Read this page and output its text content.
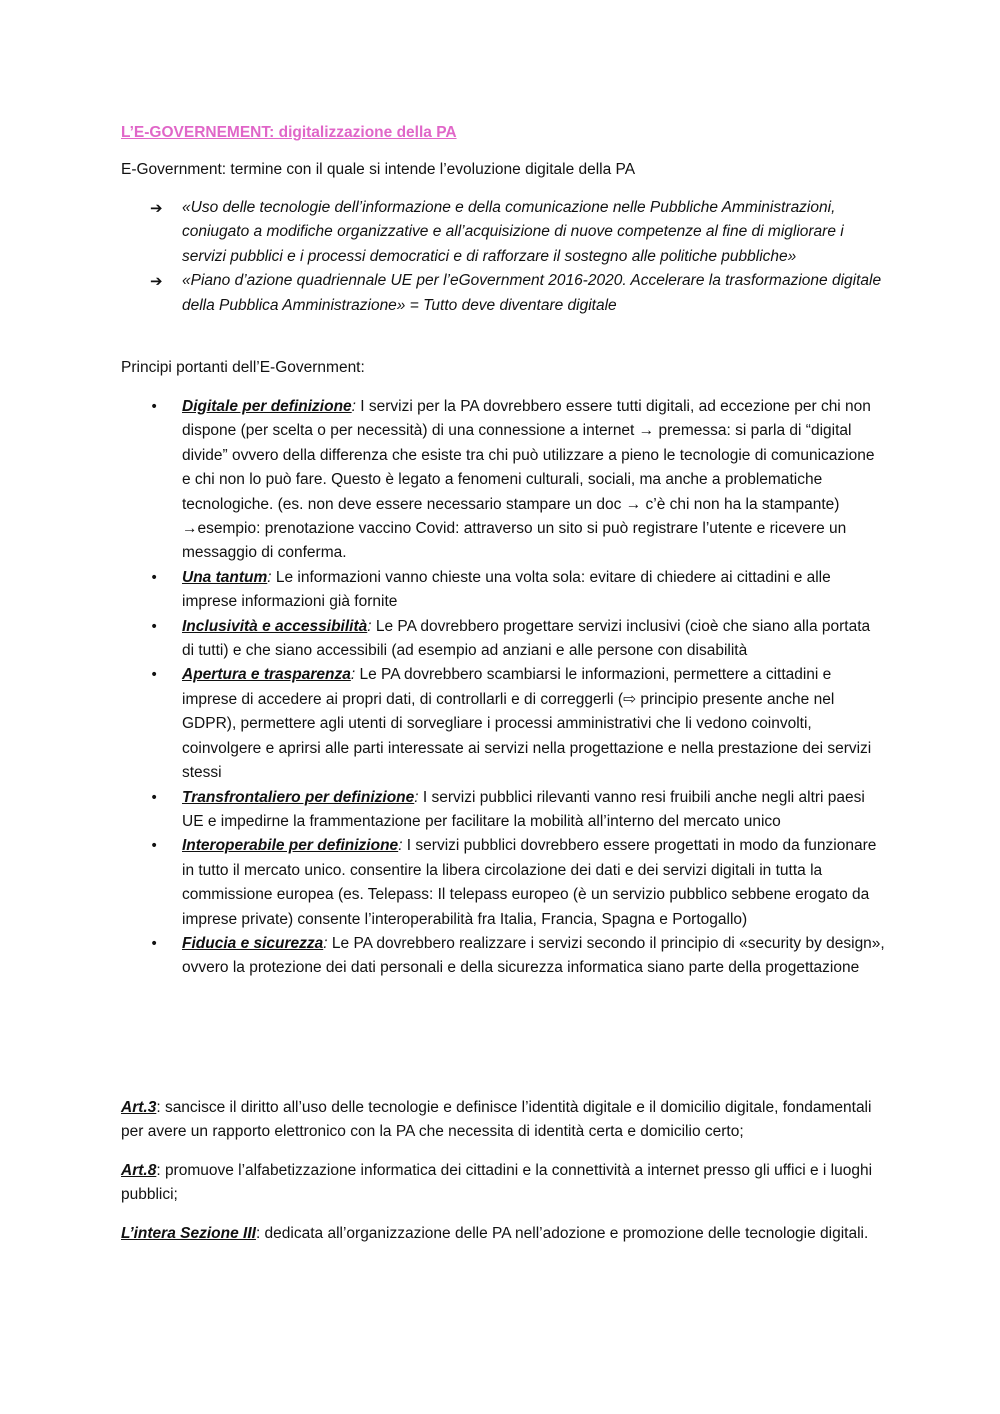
L’E-GOVERNEMENT: digitalizzazione della PA
E-Government: termine con il quale si intende l’evoluzione digitale della PA
➔ «Uso delle tecnologie dell’informazione e della comunicazione nelle Pubbliche Amministrazioni, coniugato a modifiche organizzative e all’acquisizione di nuove competenze al fine di migliorare i servizi pubblici e i processi democratici e di rafforzare il sostegno alle politiche pubbliche»
➔ «Piano d’azione quadriennale UE per l’eGovernment 2016-2020. Accelerare la trasformazione digitale della Pubblica Amministrazione» = Tutto deve diventare digitale
Principi portanti dell’E-Government:
• Digitale per definizione: I servizi per la PA dovrebbero essere tutti digitali, ad eccezione per chi non dispone (per scelta o per necessità) di una connessione a internet → premessa: si parla di “digital divide” ovvero della differenza che esiste tra chi può utilizzare a pieno le tecnologie di comunicazione e chi non lo può fare. Questo è legato a fenomeni culturali, sociali, ma anche a problematiche tecnologiche. (es. non deve essere necessario stampare un doc → c’è chi non ha la stampante)
→esempio: prenotazione vaccino Covid: attraverso un sito si può registrare l’utente e ricevere un messaggio di conferma.
• Una tantum: Le informazioni vanno chieste una volta sola: evitare di chiedere ai cittadini e alle imprese informazioni già fornite
• Inclusività e accessibilità: Le PA dovrebbero progettare servizi inclusivi (cioè che siano alla portata di tutti) e che siano accessibili (ad esempio ad anziani e alle persone con disabilità
• Apertura e trasparenza: Le PA dovrebbero scambiarsi le informazioni, permettere a cittadini e imprese di accedere ai propri dati, di controllarli e di correggerli (⇨ principio presente anche nel GDPR), permettere agli utenti di sorvegliare i processi amministrativi che li vedono coinvolti, coinvolgere e aprirsi alle parti interessate ai servizi nella progettazione e nella prestazione dei servizi stessi
• Transfrontaliero per definizione: I servizi pubblici rilevanti vanno resi fruibili anche negli altri paesi UE e impedirne la frammentazione per facilitare la mobilità all’interno del mercato unico
• Interoperabile per definizione: I servizi pubblici dovrebbero essere progettati in modo da funzionare in tutto il mercato unico. consentire la libera circolazione dei dati e dei servizi digitali in tutta la commissione europea (es. Telepass: Il telepass europeo (è un servizio pubblico sebbene erogato da imprese private) consente l’interoperabilità fra Italia, Francia, Spagna e Portogallo)
• Fiducia e sicurezza: Le PA dovrebbero realizzare i servizi secondo il principio di «security by design», ovvero la protezione dei dati personali e della sicurezza informatica siano parte della progettazione
Art.3: sancisce il diritto all’uso delle tecnologie e definisce l’identità digitale e il domicilio digitale, fondamentali per avere un rapporto elettronico con la PA che necessita di identità certa e domicilio certo;
Art.8: promuove l’alfabetizzazione informatica dei cittadini e la connettività a internet presso gli uffici e i luoghi pubblici;
L’intera Sezione III: dedicata all’organizzazione delle PA nell’adozione e promozione delle tecnologie digitali.
